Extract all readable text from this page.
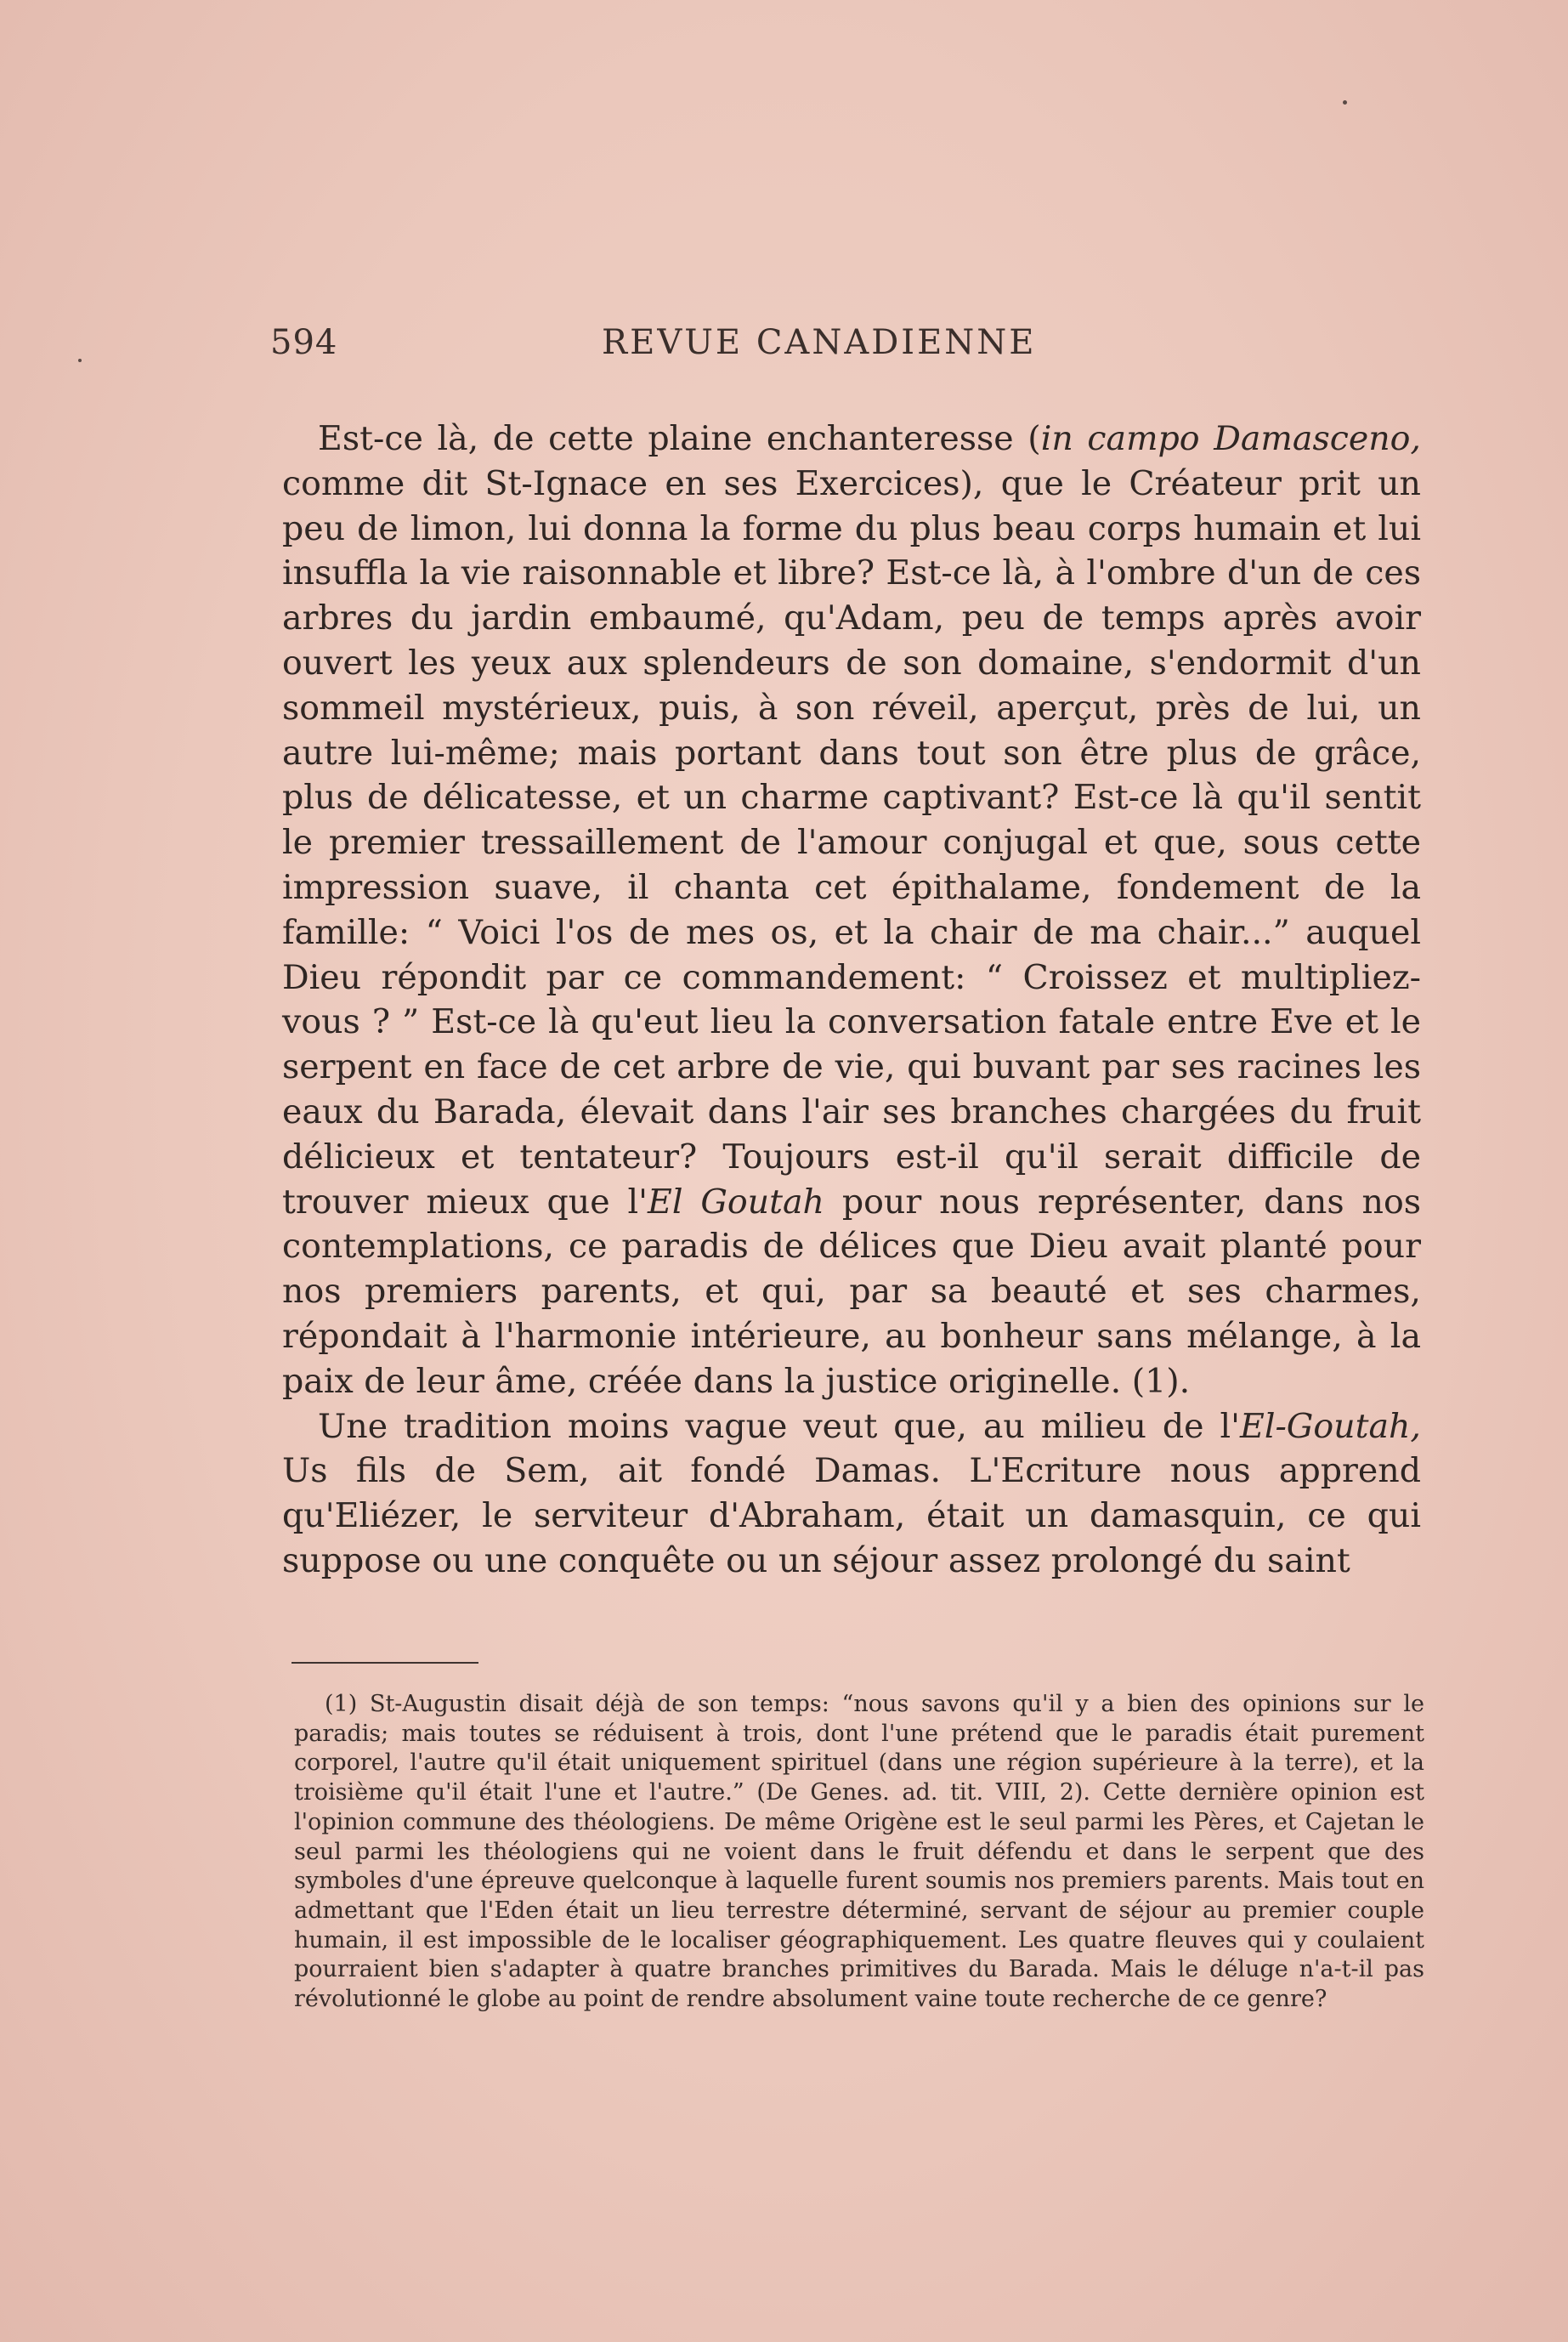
594	REVUE CANADIENNE

Est-ce là, de cette plaine enchanteresse (in campo Damasceno, comme dit St-Ignace en ses Exercices), que le Créateur prit un peu de limon, lui donna la forme du plus beau corps humain et lui insuffla la vie raisonnable et libre? Est-ce là, à l'ombre d'un de ces arbres du jardin embaumé, qu'Adam, peu de temps après avoir ouvert les yeux aux splendeurs de son domaine, s'endormit d'un sommeil mystérieux, puis, à son réveil, aperçut, près de lui, un autre lui-même; mais portant dans tout son être plus de grâce, plus de délicatesse, et un charme captivant? Est-ce là qu'il sentit le premier tressaillement de l'amour conjugal et que, sous cette impression suave, il chanta cet épithalame, fondement de la famille: “ Voici l'os de mes os, et la chair de ma chair...” auquel Dieu répondit par ce commandement: “ Croissez et multipliez-vous ? ” Est-ce là qu'eut lieu la conversation fatale entre Eve et le serpent en face de cet arbre de vie, qui buvant par ses racines les eaux du Barada, élevait dans l'air ses branches chargées du fruit délicieux et tentateur? Toujours est-il qu'il serait difficile de trouver mieux que l'El Goutah pour nous représenter, dans nos contemplations, ce paradis de délices que Dieu avait planté pour nos premiers parents, et qui, par sa beauté et ses charmes, répondait à l'harmonie intérieure, au bonheur sans mélange, à la paix de leur âme, créée dans la justice originelle. (1).

Une tradition moins vague veut que, au milieu de l'El-Goutah, Us fils de Sem, ait fondé Damas. L'Ecriture nous apprend qu'Eliézer, le serviteur d'Abraham, était un damasquin, ce qui suppose ou une conquête ou un séjour assez prolongé du saint

(1) St-Augustin disait déjà de son temps: “nous savons qu'il y a bien des opinions sur le paradis; mais toutes se réduisent à trois, dont l'une prétend que le paradis était purement corporel, l'autre qu'il était uniquement spirituel (dans une région supérieure à la terre), et la troisième qu'il était l'une et l'autre.” (De Genes. ad. tit. VIII, 2). Cette dernière opinion est l'opinion commune des théologiens. De même Origène est le seul parmi les Pères, et Cajetan le seul parmi les théologiens qui ne voient dans le fruit défendu et dans le serpent que des symboles d'une épreuve quelconque à laquelle furent soumis nos premiers parents. Mais tout en admettant que l'Eden était un lieu terrestre déterminé, servant de séjour au premier couple humain, il est impossible de le localiser géographiquement. Les quatre fleuves qui y coulaient pourraient bien s'adapter à quatre branches primitives du Barada. Mais le déluge n'a-t-il pas révolutionné le globe au point de rendre absolument vaine toute recherche de ce genre?
